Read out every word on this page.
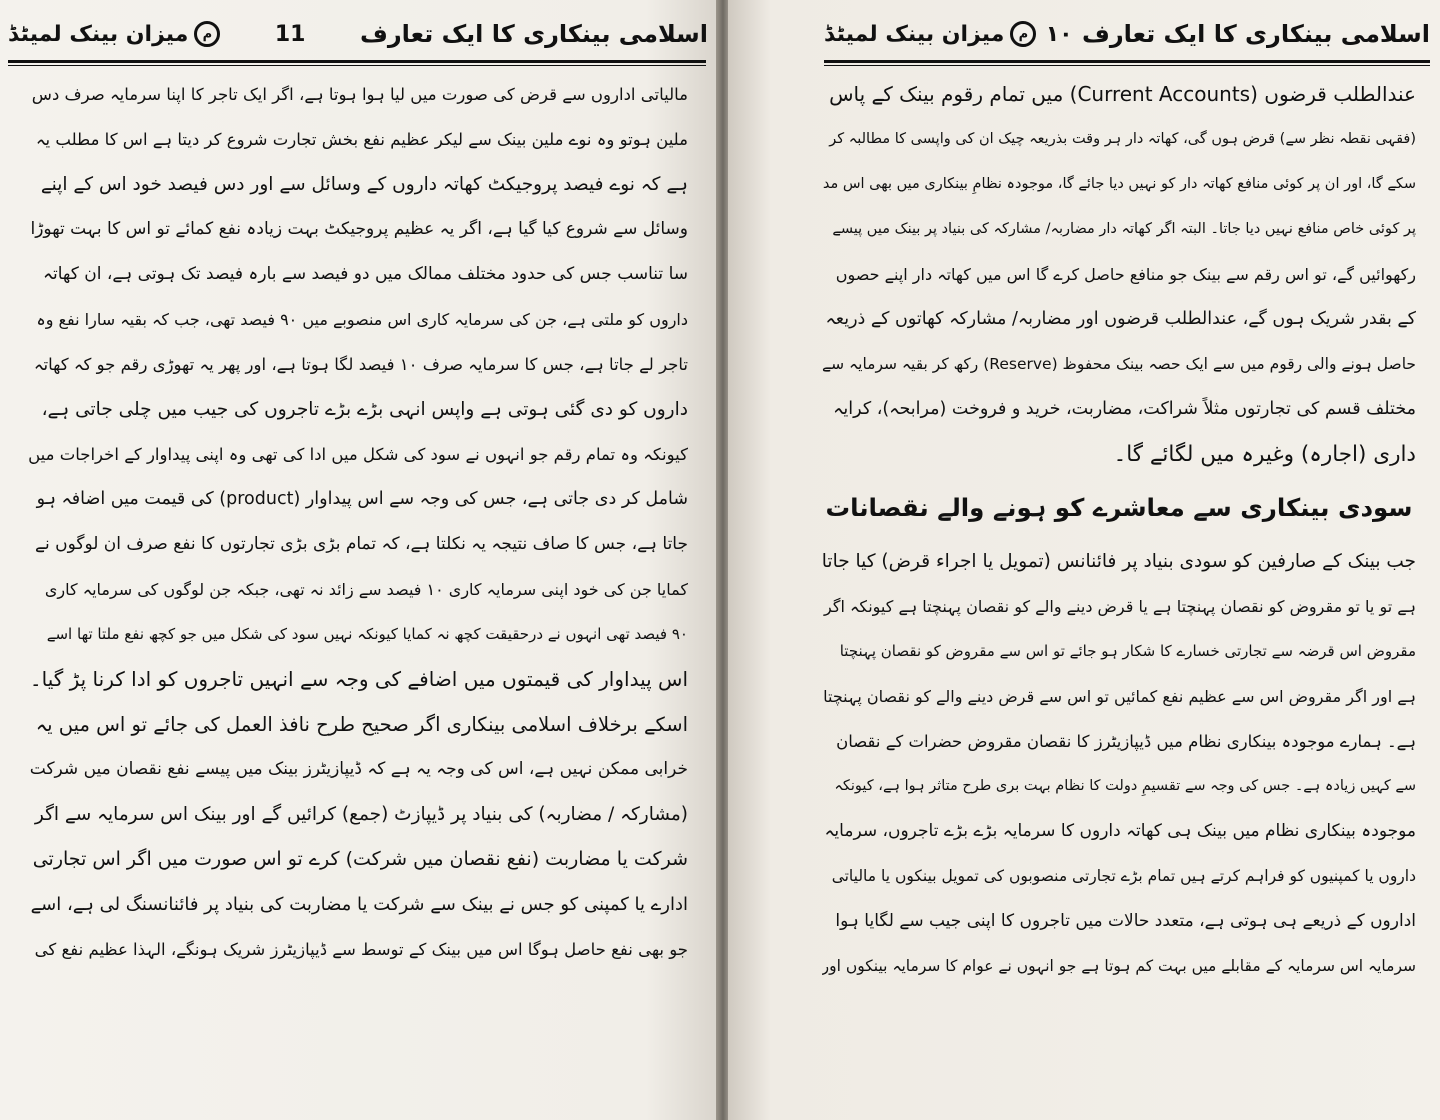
م
میزان بینک لمیٹڈ	11 اسلامی بینکاری کا ایک تعارف
مالیاتی اداروں سے قرض کی صورت میں لیا ہوا ہوتا ہے، اگر ایک تاجر کا اپنا سرمایہ صرف دس
ملین ہوتو وہ نوے ملین بینک سے لیکر عظیم نفع بخش تجارت شروع کر دیتا ہے اس کا مطلب یہ
ہے کہ نوے فیصد پروجیکٹ کھاتہ داروں کے وسائل سے اور دس فیصد خود اس کے اپنے
وسائل سے شروع کیا گیا ہے، اگر یہ عظیم پروجیکٹ بہت زیادہ نفع کمائے تو اس کا بہت تھوڑا
سا تناسب جس کی حدود مختلف ممالک میں دو فیصد سے بارہ فیصد تک ہوتی ہے، ان کھاتہ
داروں کو ملتی ہے، جن کی سرمایہ کاری اس منصوبے میں ۹۰ فیصد تھی، جب کہ بقیہ سارا نفع وہ
تاجر لے جاتا ہے، جس کا سرمایہ صرف ۱۰ فیصد لگا ہوتا ہے، اور پھر یہ تھوڑی رقم جو کہ کھاتہ
داروں کو دی گئی ہوتی ہے واپس انہی بڑے بڑے تاجروں کی جیب میں چلی جاتی ہے،
کیونکہ وہ تمام رقم جو انہوں نے سود کی شکل میں ادا کی تھی وہ اپنی پیداوار کے اخراجات میں
شامل کر دی جاتی ہے، جس کی وجہ سے اس پیداوار (product) کی قیمت میں اضافہ ہو
جاتا ہے، جس کا صاف نتیجہ یہ نکلتا ہے، کہ تمام بڑی بڑی تجارتوں کا نفع صرف ان لوگوں نے
کمایا جن کی خود اپنی سرمایہ کاری ۱۰ فیصد سے زائد نہ تھی، جبکہ جن لوگوں کی سرمایہ کاری
۹۰ فیصد تھی انہوں نے درحقیقت کچھ نہ کمایا کیونکہ نہیں سود کی شکل میں جو کچھ نفع ملتا تھا اسے
اس پیداوار کی قیمتوں میں اضافے کی وجہ سے انہیں تاجروں کو ادا کرنا پڑ گیا۔
اسکے برخلاف اسلامی بینکاری اگر صحیح طرح نافذ العمل کی جائے تو اس میں یہ
خرابی ممکن نہیں ہے، اس کی وجہ یہ ہے کہ ڈیپازیٹرز بینک میں پیسے نفع نقصان میں شرکت
(مشارکہ / مضاربہ) کی بنیاد پر ڈیپازٹ (جمع) کرائیں گے اور بینک اس سرمایہ سے اگر
شرکت یا مضاربت (نفع نقصان میں شرکت) کرے تو اس صورت میں اگر اس تجارتی
ادارے یا کمپنی کو جس نے بینک سے شرکت یا مضاربت کی بنیاد پر فائنانسنگ لی ہے، اسے
جو بھی نفع حاصل ہوگا اس میں بینک کے توسط سے ڈیپازیٹرز شریک ہونگے، الہذا عظیم نفع کی
م
میزان بینک لمیٹڈ ۱۰ اسلامی بینکاری کا ایک تعارف
عندالطلب قرضوں (Current Accounts) میں تمام رقوم بینک کے پاس
(فقہی نقطہ نظر سے) قرض ہوں گی، کھاتہ دار ہر وقت بذریعہ چیک ان کی واپسی کا مطالبہ کر
سکے گا، اور ان پر کوئی منافع کھاتہ دار کو نہیں دیا جائے گا، موجودہ نظامِ بینکاری میں بھی اس مد
پر کوئی خاص منافع نہیں دیا جاتا۔ البتہ اگر کھاتہ دار مضاربہ/ مشارکہ کی بنیاد پر بینک میں پیسے
رکھوائیں گے، تو اس رقم سے بینک جو منافع حاصل کرے گا اس میں کھاتہ دار اپنے حصوں
کے بقدر شریک ہوں گے، عندالطلب قرضوں اور مضاربہ/ مشارکہ کھاتوں کے ذریعہ
حاصل ہونے والی رقوم میں سے ایک حصہ بینک محفوظ (Reserve) رکھ کر بقیہ سرمایہ سے
مختلف قسم کی تجارتوں مثلاً شراکت، مضاربت، خرید و فروخت (مرابحہ)، کرایہ
داری (اجارہ) وغیرہ میں لگائے گا۔
سودی بینکاری سے معاشرے کو ہونے والے نقصانات
جب بینک کے صارفین کو سودی بنیاد پر فائنانس (تمویل یا اجراء قرض) کیا جاتا
ہے تو یا تو مقروض کو نقصان پہنچتا ہے یا قرض دینے والے کو نقصان پہنچتا ہے کیونکہ اگر
مقروض اس قرضہ سے تجارتی خسارے کا شکار ہو جائے تو اس سے مقروض کو نقصان پہنچتا
ہے اور اگر مقروض اس سے عظیم نفع کمائیں تو اس سے قرض دینے والے کو نقصان پہنچتا
ہے۔ ہمارے موجودہ بینکاری نظام میں ڈیپازیٹرز کا نقصان مقروض حضرات کے نقصان
سے کہیں زیادہ ہے۔ جس کی وجہ سے تقسیمِ دولت کا نظام بہت بری طرح متاثر ہوا ہے، کیونکہ
موجودہ بینکاری نظام میں بینک ہی کھاتہ داروں کا سرمایہ بڑے بڑے تاجروں، سرمایہ
داروں یا کمپنیوں کو فراہم کرتے ہیں تمام بڑے تجارتی منصوبوں کی تمویل بینکوں یا مالیاتی
اداروں کے ذریعے ہی ہوتی ہے، متعدد حالات میں تاجروں کا اپنی جیب سے لگایا ہوا
سرمایہ اس سرمایہ کے مقابلے میں بہت کم ہوتا ہے جو انہوں نے عوام کا سرمایہ بینکوں اور
